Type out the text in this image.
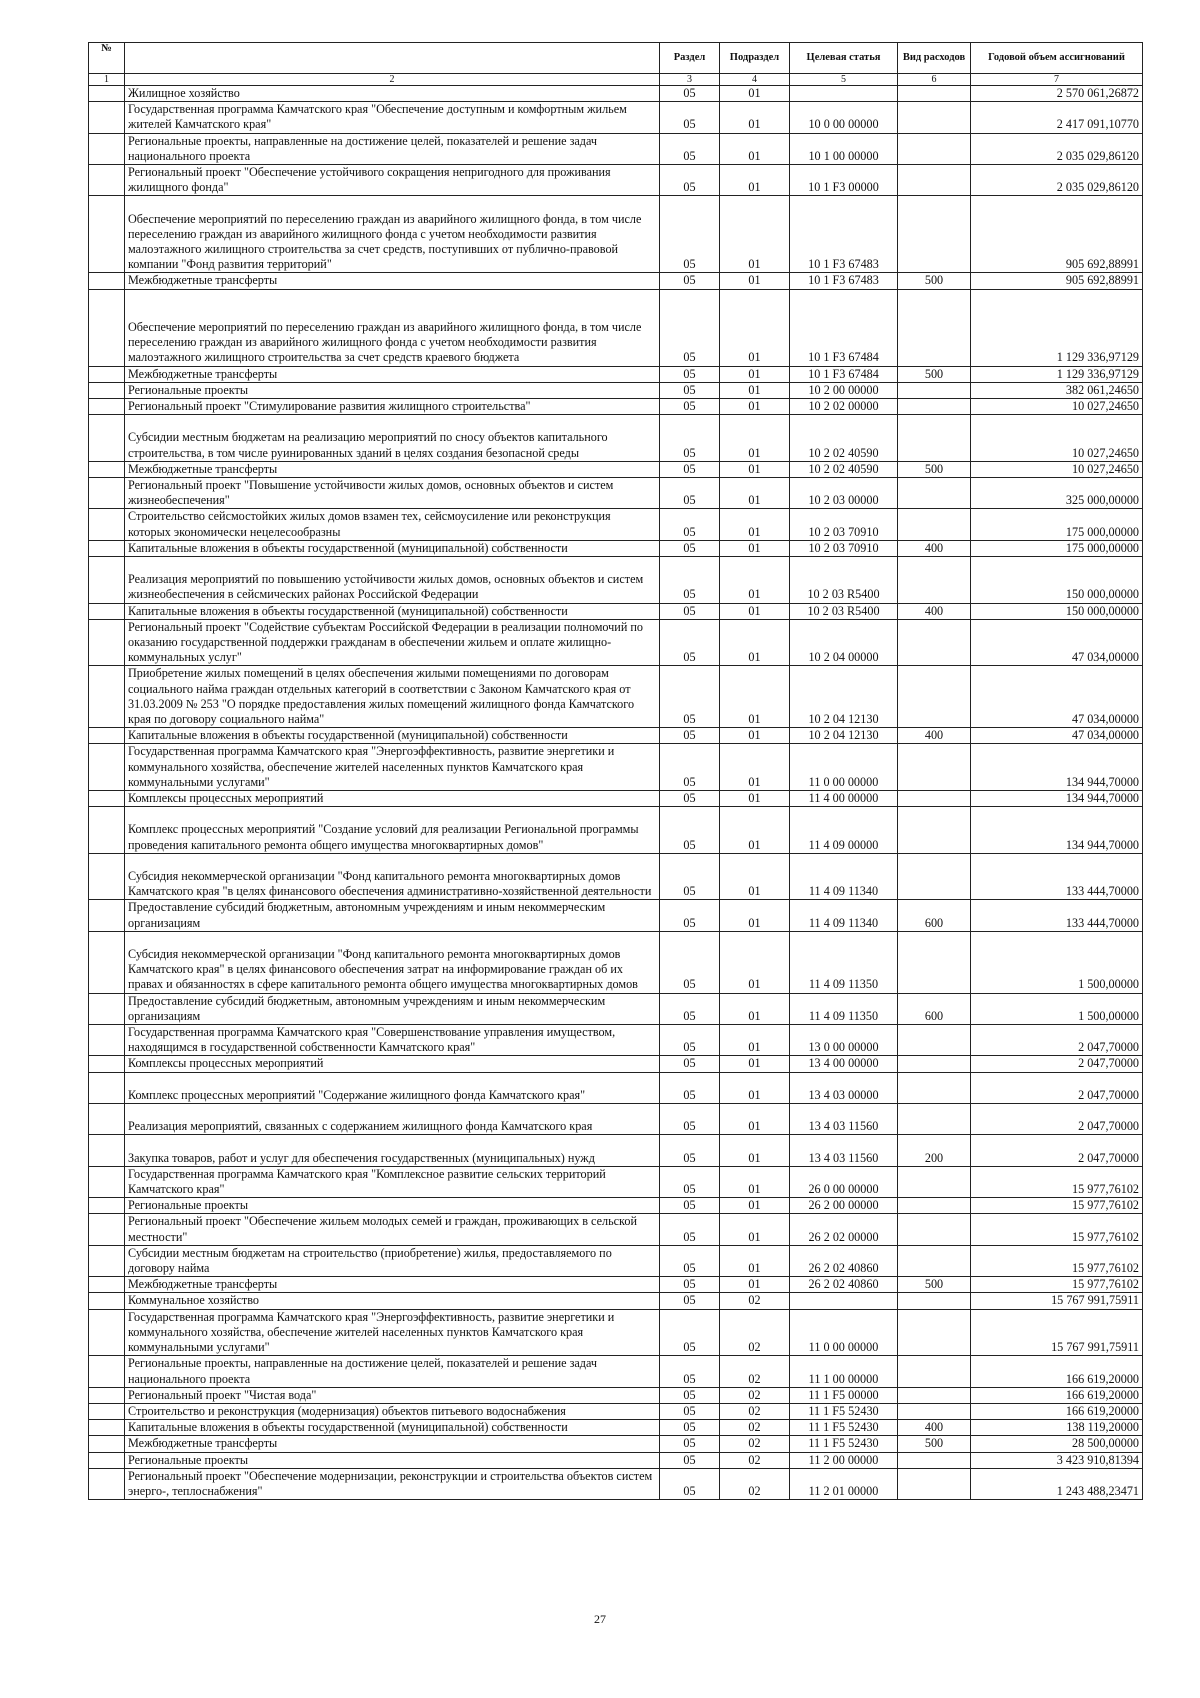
№		Раздел	Подраздел	Целевая статья	Вид расходов	Годовой объем ассигнований
1	2	3	4	5	6	7
	Жилищное хозяйство	05	01			2 570 061,26872
	Государственная программа Камчатского края "Обеспечение доступным и комфортным жильем жителей Камчатского края"	05	01	10 0 00 00000		2 417 091,10770
	Региональные проекты, направленные на достижение целей, показателей и решение задач национального проекта	05	01	10 1 00 00000		2 035 029,86120
	Региональный проект "Обеспечение устойчивого сокращения непригодного для проживания жилищного фонда"	05	01	10 1 F3 00000		2 035 029,86120
	Обеспечение мероприятий по переселению граждан из аварийного жилищного фонда, в том числе переселению граждан из аварийного жилищного фонда с учетом необходимости развития малоэтажного жилищного строительства за счет средств, поступивших от публично-правовой компании "Фонд развития территорий"	05	01	10 1 F3 67483		905 692,88991
	Межбюджетные трансферты	05	01	10 1 F3 67483	500	905 692,88991
	Обеспечение мероприятий по переселению граждан из аварийного жилищного фонда, в том числе переселению граждан из аварийного жилищного фонда с учетом необходимости развития малоэтажного жилищного строительства за счет средств краевого бюджета	05	01	10 1 F3 67484		1 129 336,97129
	Межбюджетные трансферты	05	01	10 1 F3 67484	500	1 129 336,97129
	Региональные проекты	05	01	10 2 00 00000		382 061,24650
	Региональный проект "Стимулирование развития жилищного строительства"	05	01	10 2 02 00000		10 027,24650
	Субсидии местным бюджетам на реализацию мероприятий по сносу объектов капитального строительства, в том числе руинированных зданий в целях создания безопасной среды	05	01	10 2 02 40590		10 027,24650
	Межбюджетные трансферты	05	01	10 2 02 40590	500	10 027,24650
	Региональный проект "Повышение устойчивости жилых домов, основных объектов и систем жизнеобеспечения"	05	01	10 2 03 00000		325 000,00000
	Строительство сейсмостойких жилых домов взамен тех, сейсмоусиление или реконструкция которых экономически нецелесообразны	05	01	10 2 03 70910		175 000,00000
	Капитальные вложения в объекты государственной (муниципальной) собственности	05	01	10 2 03 70910	400	175 000,00000
	Реализация мероприятий по повышению устойчивости жилых домов, основных объектов и систем жизнеобеспечения в сейсмических районах Российской Федерации	05	01	10 2 03 R5400		150 000,00000
	Капитальные вложения в объекты государственной (муниципальной) собственности	05	01	10 2 03 R5400	400	150 000,00000
	Региональный проект "Содействие субъектам Российской Федерации в реализации полномочий по оказанию государственной поддержки гражданам в обеспечении жильем и оплате жилищно-коммунальных услуг"	05	01	10 2 04 00000		47 034,00000
	Приобретение жилых помещений в целях обеспечения жилыми помещениями по договорам социального найма граждан отдельных категорий в соответствии с Законом Камчатского края от 31.03.2009 № 253 "О порядке предоставления жилых помещений жилищного фонда Камчатского края по договору социального найма"	05	01	10 2 04 12130		47 034,00000
	Капитальные вложения в объекты государственной (муниципальной) собственности	05	01	10 2 04 12130	400	47 034,00000
	Государственная программа Камчатского края "Энергоэффективность, развитие энергетики и коммунального хозяйства, обеспечение жителей населенных пунктов Камчатского края коммунальными услугами"	05	01	11 0 00 00000		134 944,70000
	Комплексы процессных мероприятий	05	01	11 4 00 00000		134 944,70000
	Комплекс процессных мероприятий "Создание условий для реализации Региональной программы проведения капитального ремонта общего имущества многоквартирных домов"	05	01	11 4 09 00000		134 944,70000
	Субсидия некоммерческой организации "Фонд капитального ремонта многоквартирных домов Камчатского края "в целях финансового обеспечения административно-хозяйственной деятельности	05	01	11 4 09 11340		133 444,70000
	Предоставление субсидий бюджетным, автономным учреждениям и иным некоммерческим организациям	05	01	11 4 09 11340	600	133 444,70000
	Субсидия некоммерческой организации "Фонд капитального ремонта многоквартирных домов Камчатского края" в целях финансового обеспечения затрат на информирование граждан об их правах и обязанностях в сфере капитального ремонта общего имущества многоквартирных домов	05	01	11 4 09 11350		1 500,00000
	Предоставление субсидий бюджетным, автономным учреждениям и иным некоммерческим организациям	05	01	11 4 09 11350	600	1 500,00000
	Государственная программа Камчатского края "Совершенствование управления имуществом, находящимся в государственной собственности Камчатского края"	05	01	13 0 00 00000		2 047,70000
	Комплексы процессных мероприятий	05	01	13 4 00 00000		2 047,70000
	Комплекс процессных мероприятий "Содержание жилищного фонда Камчатского края"	05	01	13 4 03 00000		2 047,70000
	Реализация мероприятий, связанных с содержанием жилищного фонда Камчатского края	05	01	13 4 03 11560		2 047,70000
	Закупка товаров, работ и услуг для обеспечения государственных (муниципальных) нужд	05	01	13 4 03 11560	200	2 047,70000
	Государственная программа Камчатского края "Комплексное развитие сельских территорий Камчатского края"	05	01	26 0 00 00000		15 977,76102
	Региональные проекты	05	01	26 2 00 00000		15 977,76102
	Региональный проект "Обеспечение жильем молодых семей и граждан, проживающих в сельской местности"	05	01	26 2 02 00000		15 977,76102
	Субсидии местным бюджетам на строительство (приобретение) жилья, предоставляемого по договору найма	05	01	26 2 02 40860		15 977,76102
	Межбюджетные трансферты	05	01	26 2 02 40860	500	15 977,76102
	Коммунальное хозяйство	05	02			15 767 991,75911
	Государственная программа Камчатского края "Энергоэффективность, развитие энергетики и коммунального хозяйства, обеспечение жителей населенных пунктов Камчатского края коммунальными услугами"	05	02	11 0 00 00000		15 767 991,75911
	Региональные проекты, направленные на достижение целей, показателей и решение задач национального проекта	05	02	11 1 00 00000		166 619,20000
	Региональный проект "Чистая вода"	05	02	11 1 F5 00000		166 619,20000
	Строительство и реконструкция (модернизация) объектов питьевого водоснабжения	05	02	11 1 F5 52430		166 619,20000
	Капитальные вложения в объекты государственной (муниципальной) собственности	05	02	11 1 F5 52430	400	138 119,20000
	Межбюджетные трансферты	05	02	11 1 F5 52430	500	28 500,00000
	Региональные проекты	05	02	11 2 00 00000		3 423 910,81394
	Региональный проект "Обеспечение модернизации, реконструкции и строительства объектов систем энерго-, теплоснабжения"	05	02	11 2 01 00000		1 243 488,23471
27
